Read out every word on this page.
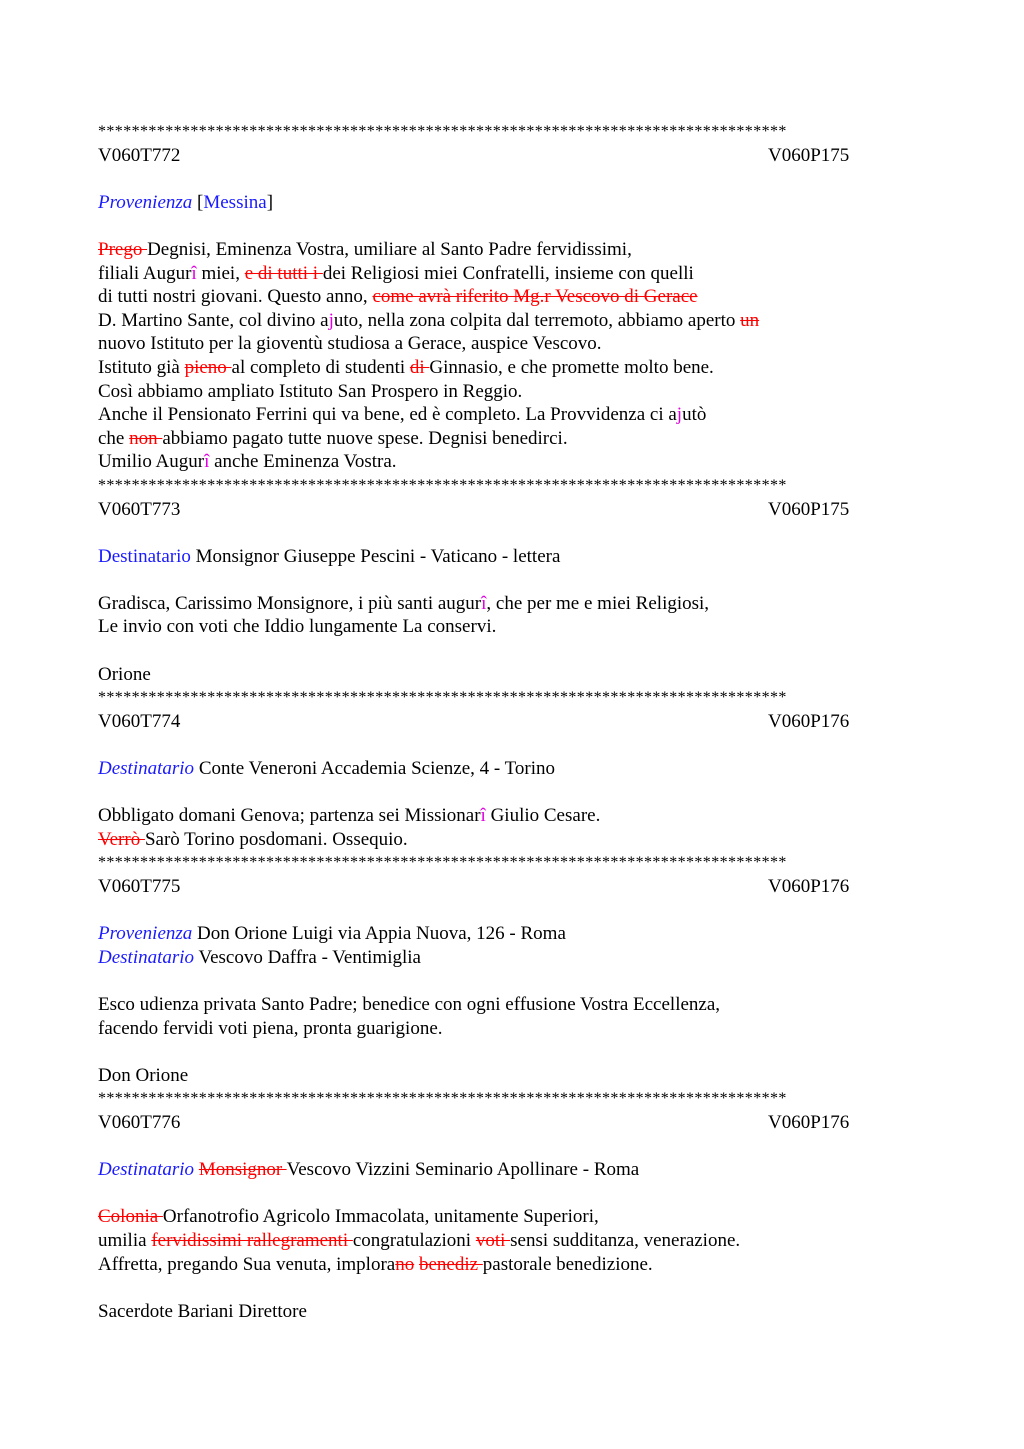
**********************************************************************************
V060T772	V060P175
Provenienza [Messina]
Prego Degnisi, Eminenza Vostra, umiliare al Santo Padre fervidissimi,
filiali Augurî miei, e di tutti i dei Religiosi miei Confratelli, insieme con quelli
di tutti nostri giovani. Questo anno, come avrà riferito Mg.r Vescovo di Gerace
D. Martino Sante, col divino ajuto, nella zona colpita dal terremoto, abbiamo aperto un
nuovo Istituto per la gioventù studiosa a Gerace, auspice Vescovo.
Istituto già pieno al completo di studenti di Ginnasio, e che promette molto bene.
Così abbiamo ampliato Istituto San Prospero in Reggio.
Anche il Pensionato Ferrini qui va bene, ed è completo. La Provvidenza ci ajutò
che non abbiamo pagato tutte nuove spese. Degnisi benedirci.
Umilio Augurî anche Eminenza Vostra.
**********************************************************************************
V060T773	V060P175
Destinatario Monsignor Giuseppe Pescini - Vaticano - lettera
Gradisca, Carissimo Monsignore, i più santi augurî, che per me e miei Religiosi,
Le invio con voti che Iddio lungamente La conservi.
Orione
**********************************************************************************
V060T774	V060P176
Destinatario Conte Veneroni Accademia Scienze, 4 - Torino
Obbligato domani Genova; partenza sei Missionarî Giulio Cesare.
Verrò Sarò Torino posdomani. Ossequio.
**********************************************************************************
V060T775	V060P176
Provenienza Don Orione Luigi via Appia Nuova, 126 - Roma
Destinatario Vescovo Daffra - Ventimiglia
Esco udienza privata Santo Padre; benedice con ogni effusione Vostra Eccellenza,
facendo fervidi voti piena, pronta guarigione.
Don Orione
**********************************************************************************
V060T776	V060P176
Destinatario Monsignor Vescovo Vizzini Seminario Apollinare - Roma
Colonia Orfanotrofio Agricolo Immacolata, unitamente Superiori,
umilia fervidissimi rallegramenti congratulazioni voti sensi sudditanza, venerazione.
Affretta, pregando Sua venuta, implorano benediz pastorale benedizione.
Sacerdote Bariani Direttore
